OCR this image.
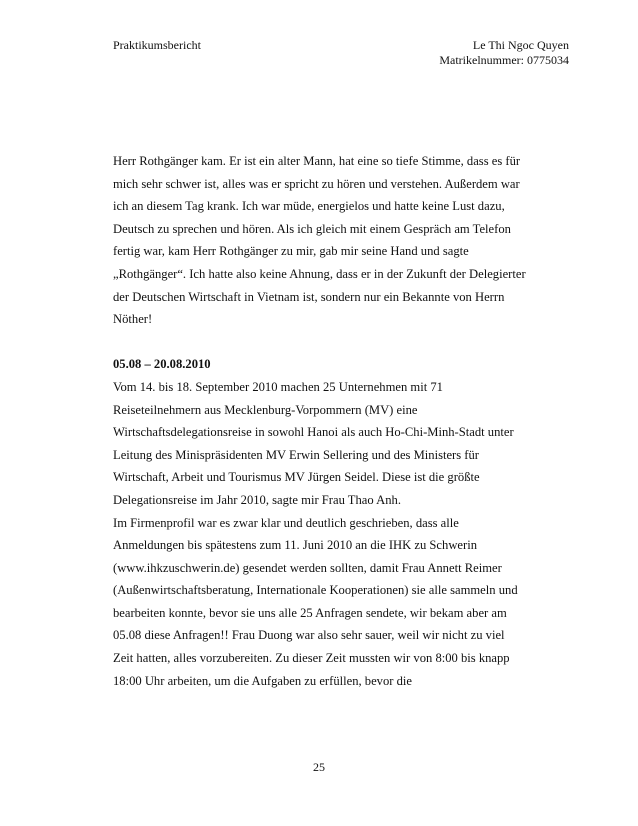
Praktikumsbericht	Le Thi Ngoc Quyen
Matrikelnummer: 0775034
Herr Rothgänger kam. Er ist ein alter Mann, hat eine so tiefe Stimme, dass es für
mich sehr schwer ist, alles was er spricht zu hören und verstehen. Außerdem war
ich an diesem Tag krank. Ich war müde, energielos und hatte keine Lust dazu,
Deutsch zu sprechen und hören. Als ich gleich mit einem Gespräch am Telefon
fertig war, kam Herr Rothgänger zu mir, gab mir seine Hand und sagte
„Rothgänger“. Ich hatte also keine Ahnung, dass er in der Zukunft der Delegierter
der Deutschen Wirtschaft in Vietnam ist, sondern nur ein Bekannte von Herrn
Nöther!
05.08 – 20.08.2010
Vom 14. bis 18. September 2010 machen 25 Unternehmen mit 71
Reiseteilnehmern aus Mecklenburg-Vorpommern (MV) eine
Wirtschaftsdelegationsreise in sowohl Hanoi als auch Ho-Chi-Minh-Stadt unter
Leitung des Minispräsidenten MV Erwin Sellering und des Ministers für
Wirtschaft, Arbeit und Tourismus MV Jürgen Seidel. Diese ist die größte
Delegationsreise im Jahr 2010, sagte mir Frau Thao Anh.
Im Firmenprofil war es zwar klar und deutlich geschrieben, dass alle
Anmeldungen bis spätestens zum 11. Juni 2010 an die IHK zu Schwerin
(www.ihkzuschwerin.de) gesendet werden sollten, damit Frau Annett Reimer
(Außenwirtschaftsberatung, Internationale Kooperationen) sie alle sammeln und
bearbeiten konnte, bevor sie uns alle 25 Anfragen sendete, wir bekam aber am
05.08 diese Anfragen!! Frau Duong war also sehr sauer, weil wir nicht zu viel
Zeit hatten, alles vorzubereiten. Zu dieser Zeit mussten wir von 8:00 bis knapp
18:00 Uhr arbeiten, um die Aufgaben zu erfüllen, bevor die
25
